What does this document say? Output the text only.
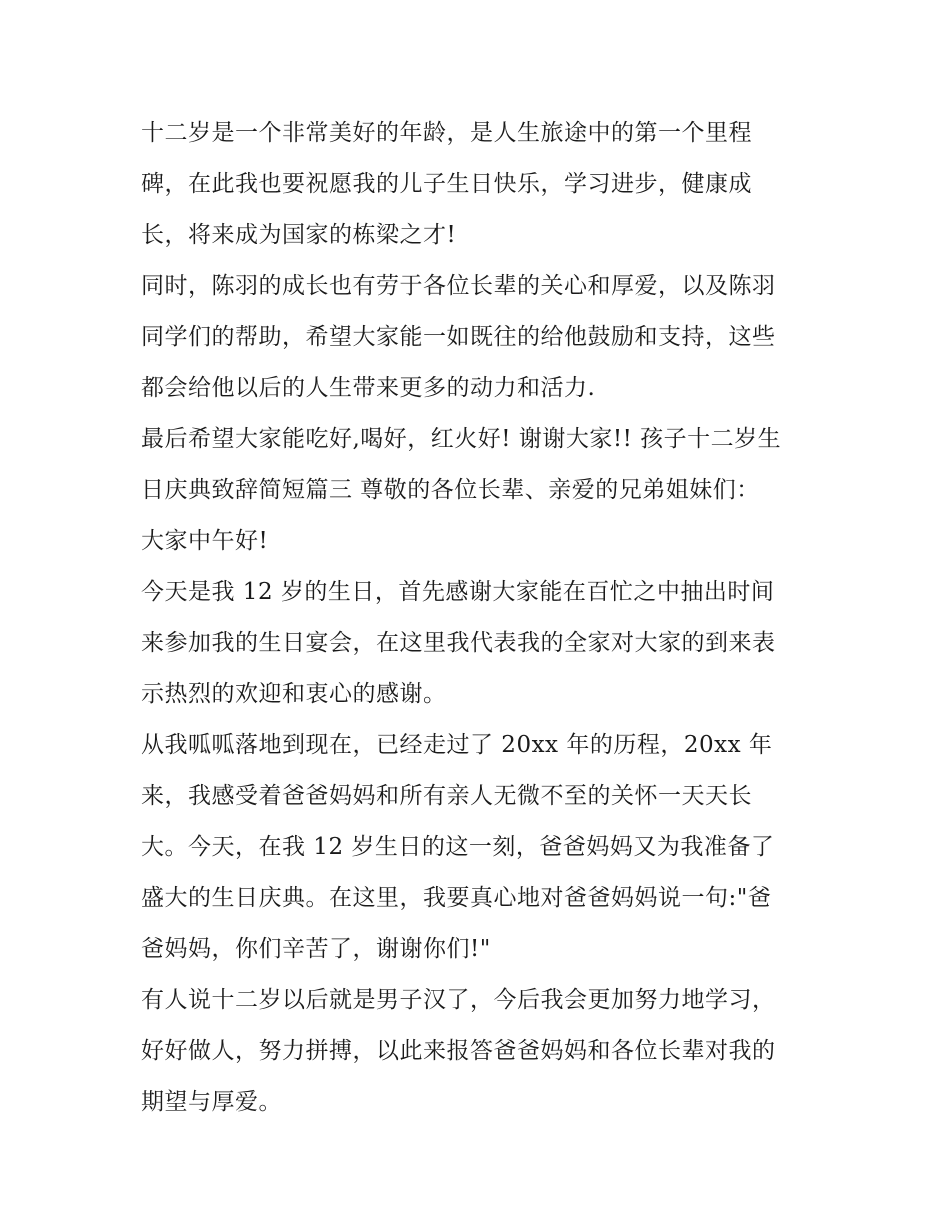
十二岁是一个非常美好的年龄，是人生旅途中的第一个里程
碑，在此我也要祝愿我的儿子生日快乐，学习进步，健康成
长，将来成为国家的栋梁之才!

同时，陈羽的成长也有劳于各位长辈的关心和厚爱，以及陈羽
同学们的帮助，希望大家能一如既往的给他鼓励和支持，这些
都会给他以后的人生带来更多的动力和活力.

最后希望大家能吃好,喝好，红火好! 谢谢大家!! 孩子十二岁生
日庆典致辞简短篇三 尊敬的各位长辈、亲爱的兄弟姐妹们：
大家中午好!

今天是我 12 岁的生日，首先感谢大家能在百忙之中抽出时间
来参加我的生日宴会，在这里我代表我的全家对大家的到来表
示热烈的欢迎和衷心的感谢。

从我呱呱落地到现在，已经走过了 20xx 年的历程，20xx 年
来，我感受着爸爸妈妈和所有亲人无微不至的关怀一天天长
大。今天，在我 12 岁生日的这一刻，爸爸妈妈又为我准备了
盛大的生日庆典。在这里，我要真心地对爸爸妈妈说一句:"爸
爸妈妈，你们辛苦了，谢谢你们!"

有人说十二岁以后就是男子汉了，今后我会更加努力地学习，
好好做人，努力拼搏，以此来报答爸爸妈妈和各位长辈对我的
期望与厚爱。
